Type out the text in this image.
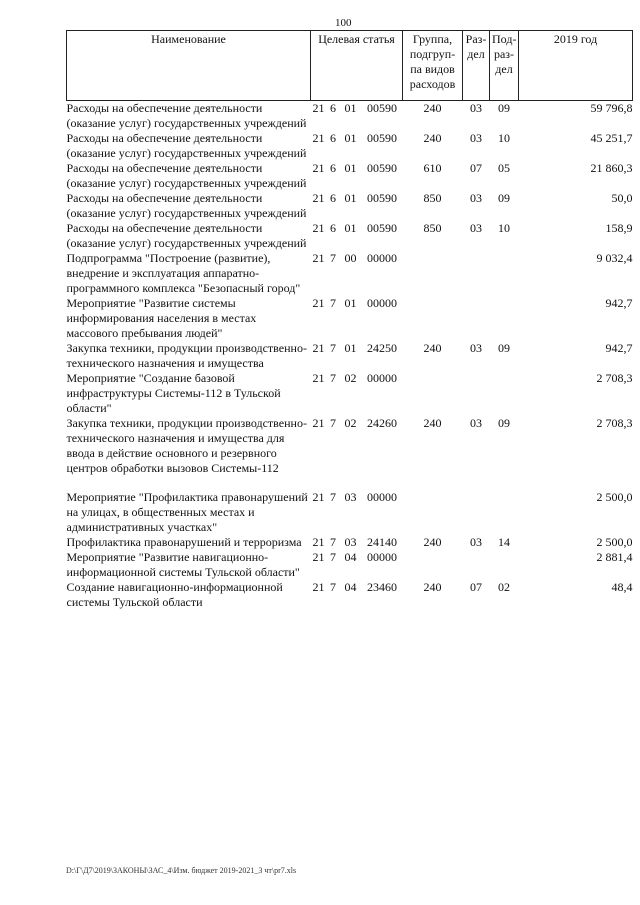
100
Наименование	Целевая статья				Группа, подгруп-па видов расходов	Раз-дел	Под-раз-дел	2019 год
Расходы на обеспечение деятельности (оказание услуг) государственных учреждений	21	6	01	00590	240	03	09	59 796,8
Расходы на обеспечение деятельности (оказание услуг) государственных учреждений	21	6	01	00590	240	03	10	45 251,7
Расходы на обеспечение деятельности (оказание услуг) государственных учреждений	21	6	01	00590	610	07	05	21 860,3
Расходы на обеспечение деятельности (оказание услуг) государственных учреждений	21	6	01	00590	850	03	09	50,0
Расходы на обеспечение деятельности (оказание услуг) государственных учреждений	21	6	01	00590	850	03	10	158,9
Подпрограмма "Построение (развитие), внедрение и эксплуатация аппаратно-программного комплекса "Безопасный город"	21	7	00	00000				9 032,4
Мероприятие "Развитие системы информирования населения в местах массового пребывания людей"	21	7	01	00000				942,7
Закупка техники, продукции производственно-технического назначения и имущества	21	7	01	24250	240	03	09	942,7
Мероприятие "Создание базовой инфраструктуры Системы-112 в Тульской области"	21	7	02	00000				2 708,3
Закупка техники, продукции производственно-технического назначения и имущества для ввода в действие основного и резервного центров обработки вызовов Системы-112	21	7	02	24260	240	03	09	2 708,3

Мероприятие "Профилактика правонарушений на улицах, в общественных местах и административных участках"	21	7	03	00000				2 500,0
Профилактика правонарушений и терроризма	21	7	03	24140	240	03	14	2 500,0
Мероприятие "Развитие навигационно-информационной системы Тульской области"	21	7	04	00000				2 881,4
Создание навигационно-информационной системы Тульской области	21	7	04	23460	240	07	02	48,4
D:\Г\Д7\2019\ЗАКОНЫ\ЗАС_4\Изм. бюджет 2019-2021_3 чт\pr7.xls
